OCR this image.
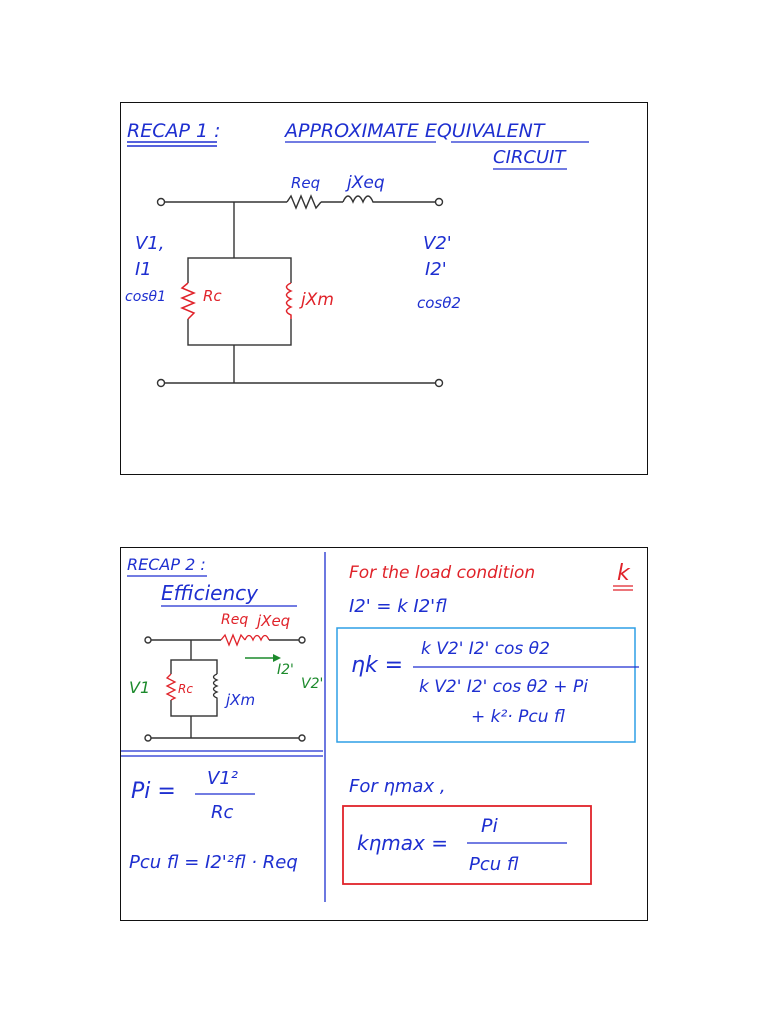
RECAP 1 :	APPROXIMATE EQUIVALENT
CIRCUIT
Req jXeq
Rc	jXm
V1,
I1
cosθ1
V2'
I2'
cosθ2
RECAP 2 :
Efficiency
Req jXeq
Rc
jXm
V1
I2'
V2'
Pi =
V1²
Rc
Pcu fl = I2'²fl · Req
For the load condition	k
I2' = k I2'fl
ηk =
k V2' I2' cos θ2
k V2' I2' cos θ2 + Pi
+ k²· Pcu fl
For ηmax ,
kηmax =
Pi
Pcu fl
